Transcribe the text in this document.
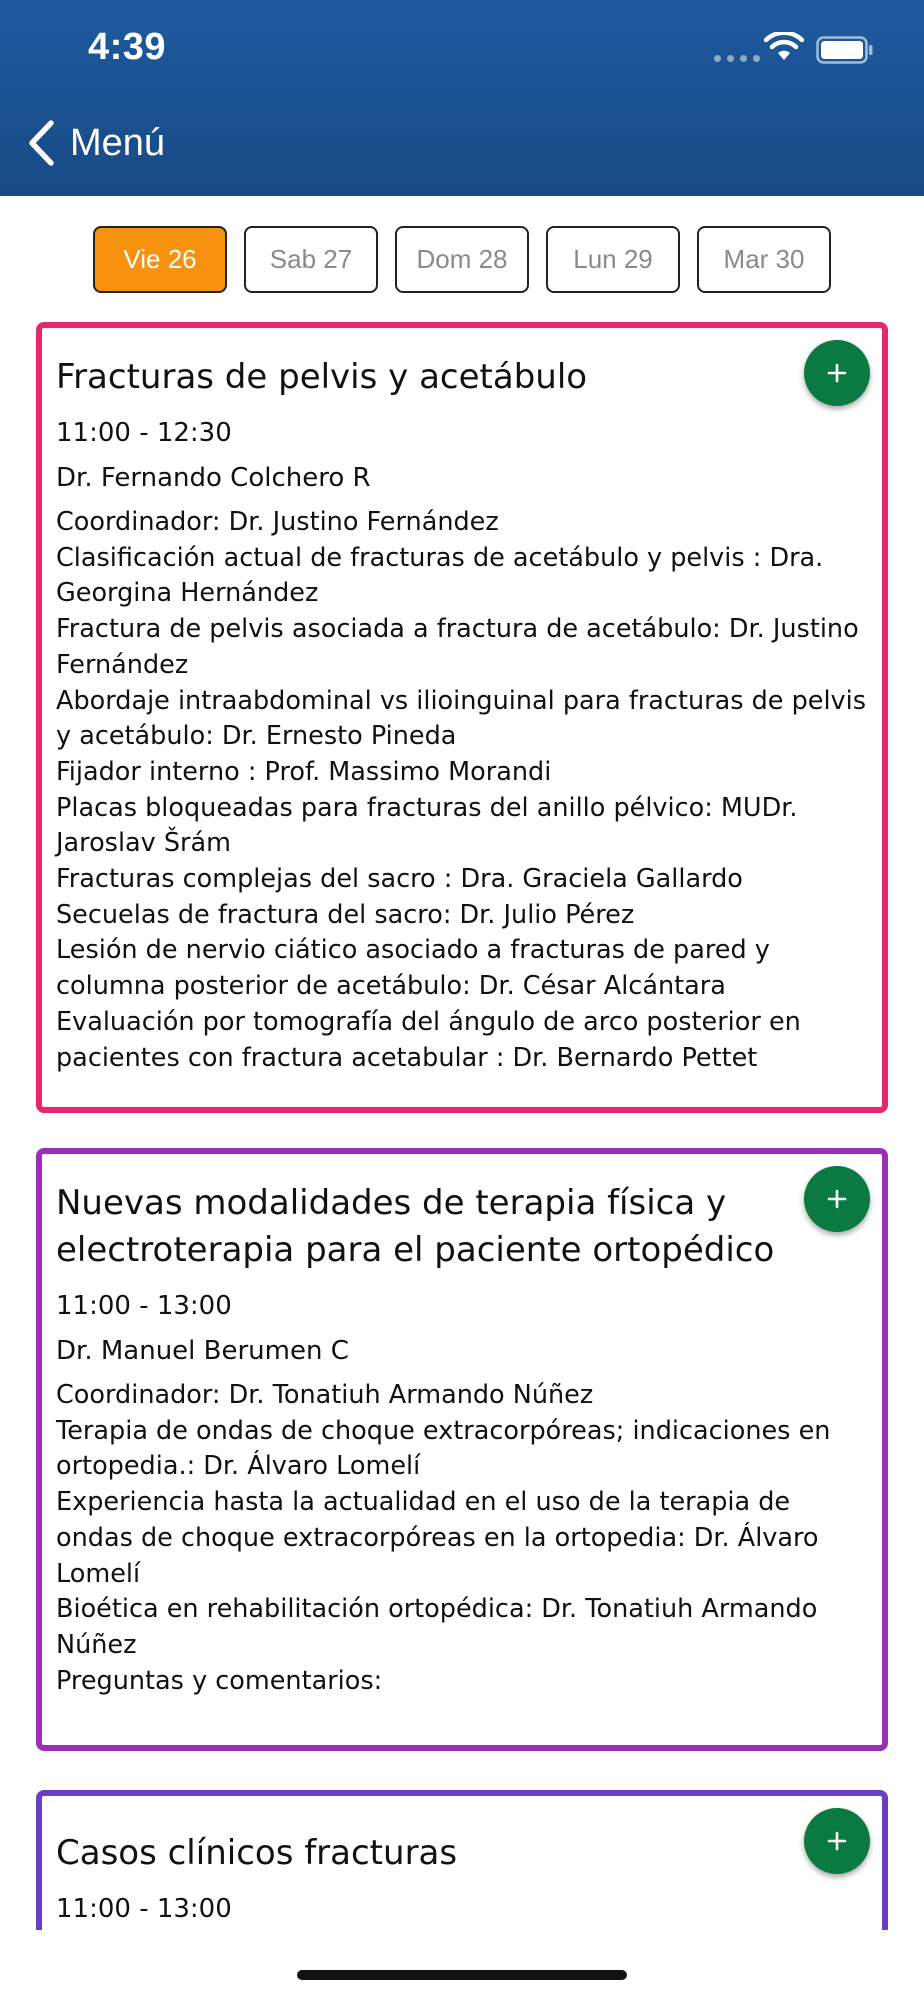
4:39
Menú
Vie 26	Sab 27	Dom 28	Lun 29	Mar 30
Fracturas de pelvis y acetábulo
11:00 - 12:30
Dr. Fernando Colchero R
Coordinador: Dr. Justino Fernández
Clasificación actual de fracturas de acetábulo y pelvis : Dra. Georgina Hernández
Fractura de pelvis asociada a fractura de acetábulo: Dr. Justino Fernández
Abordaje intraabdominal vs ilioinguinal para fracturas de pelvis y acetábulo: Dr. Ernesto Pineda
Fijador interno : Prof. Massimo Morandi
Placas bloqueadas para fracturas del anillo pélvico: MUDr. Jaroslav Šrám
Fracturas complejas del sacro : Dra. Graciela Gallardo
Secuelas de fractura del sacro: Dr. Julio Pérez
Lesión de nervio ciático asociado a fracturas de pared y columna posterior de acetábulo: Dr. César Alcántara
Evaluación por tomografía del ángulo de arco posterior en pacientes con fractura acetabular : Dr. Bernardo Pettet
Nuevas modalidades de terapia física y electroterapia para el paciente ortopédico
11:00 - 13:00
Dr. Manuel Berumen C
Coordinador: Dr. Tonatiuh Armando Núñez
Terapia de ondas de choque extracorpóreas; indicaciones en ortopedia.: Dr. Álvaro Lomelí
Experiencia hasta la actualidad en el uso de la terapia de ondas de choque extracorpóreas en la ortopedia: Dr. Álvaro Lomelí
Bioética en rehabilitación ortopédica: Dr. Tonatiuh Armando Núñez
Preguntas y comentarios:
Casos clínicos fracturas
11:00 - 13:00
